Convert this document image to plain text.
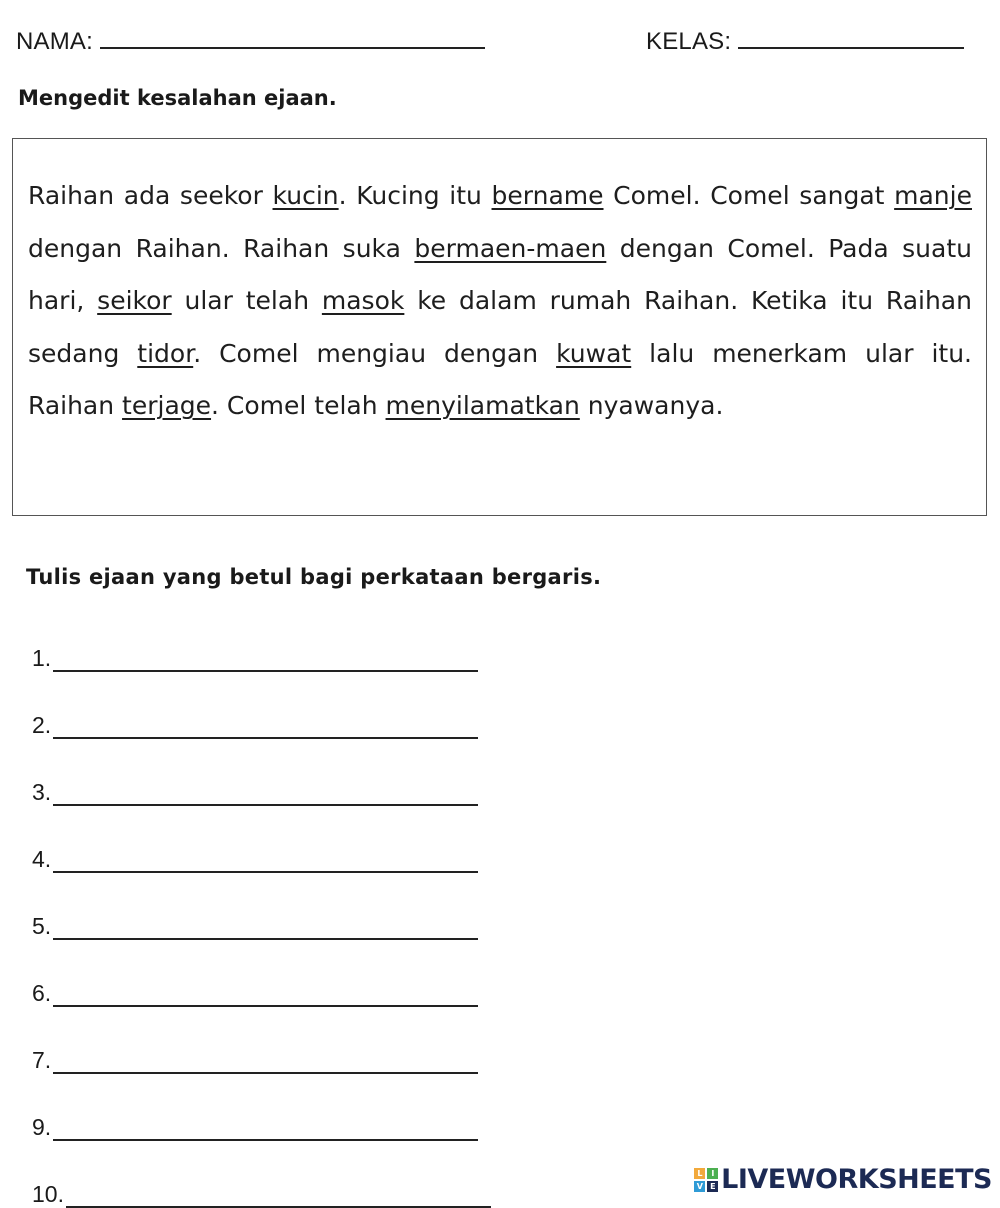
NAMA:	KELAS:
Mengedit kesalahan ejaan.
Raihan ada seekor kucin. Kucing itu bername Comel. Comel sangat manje dengan Raihan. Raihan suka bermaen-maen dengan Comel. Pada suatu hari, seikor ular telah masok ke dalam rumah Raihan. Ketika itu Raihan sedang tidor. Comel mengiau dengan kuwat lalu menerkam ular itu. Raihan terjage. Comel telah menyilamatkan nyawanya.
Tulis ejaan yang betul bagi perkataan bergaris.
1.
2.
3.
4.
5.
6.
7.
9.
10.
L	I
V E LIVEWORKSHEETS
